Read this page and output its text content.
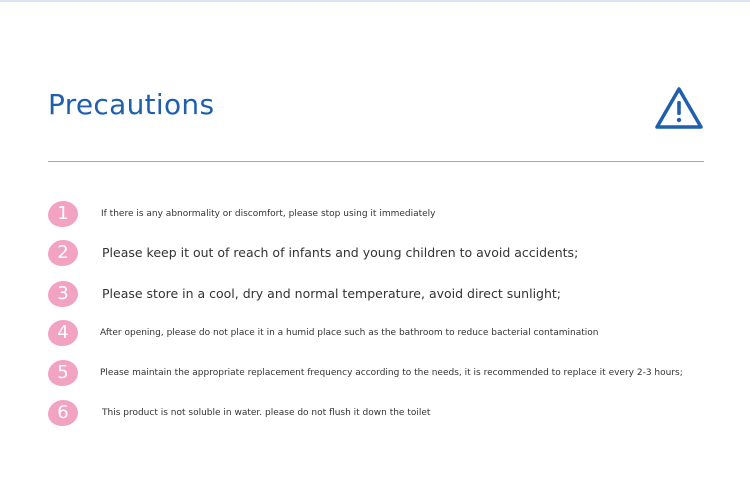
Precautions
1	If there is any abnormality or discomfort, please stop using it immediately
2	Please keep it out of reach of infants and young children to avoid accidents;
3	Please store in a cool, dry and normal temperature, avoid direct sunlight;
4	After opening, please do not place it in a humid place such as the bathroom to reduce bacterial contamination
5	Please maintain the appropriate replacement frequency according to the needs, it is recommended to replace it every 2-3 hours;
6	This product is not soluble in water. please do not flush it down the toilet
